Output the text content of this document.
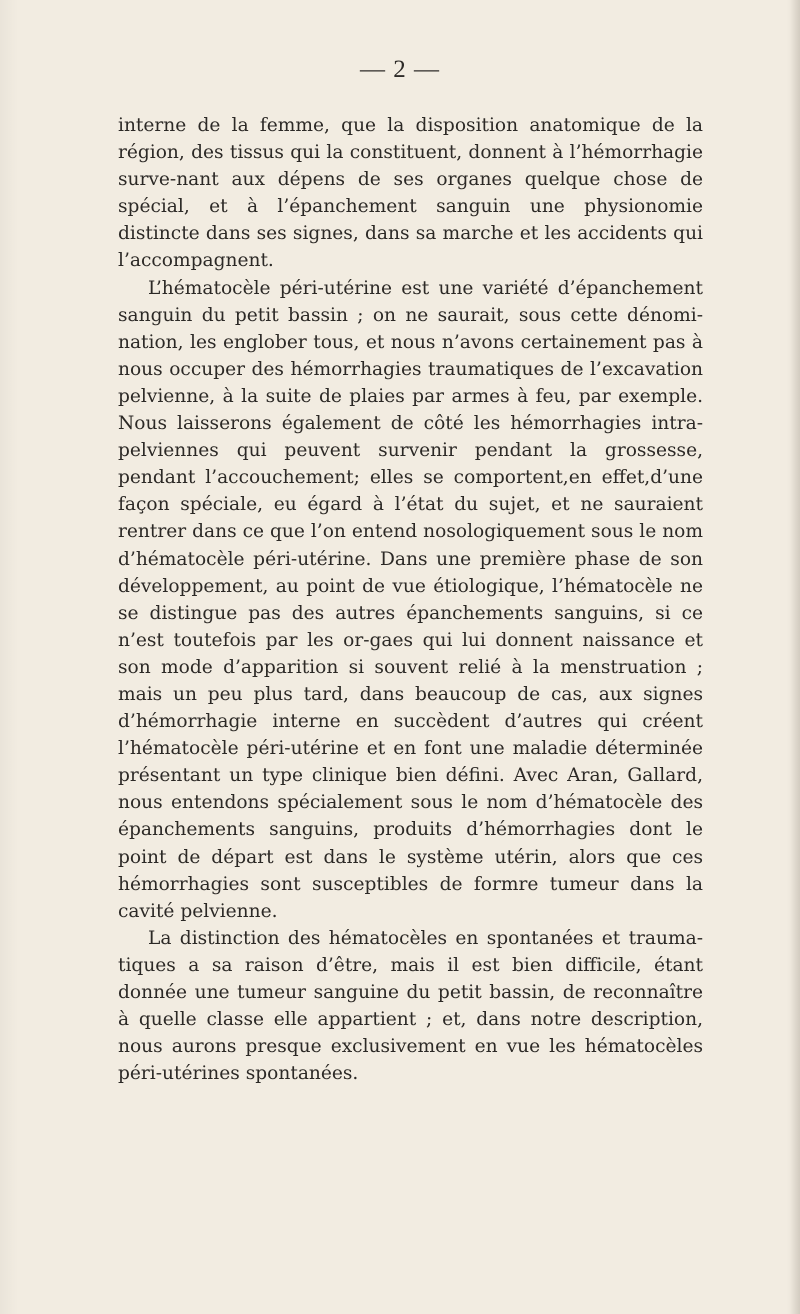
— 2 —

interne de la femme, que la disposition anatomique de la région, des tissus qui la constituent, donnent à l’hémorrhagie surve-nant aux dépens de ses organes quelque chose de spécial, et à l’épanchement sanguin une physionomie distincte dans ses signes, dans sa marche et les accidents qui l’accompagnent.

L’hématocèle péri-utérine est une variété d’épanchement sanguin du petit bassin ; on ne saurait, sous cette dénomi-nation, les englober tous, et nous n’avons certainement pas à nous occuper des hémorrhagies traumatiques de l’excavation pelvienne, à la suite de plaies par armes à feu, par exemple. Nous laisserons également de côté les hémorrhagies intra-pelviennes qui peuvent survenir pendant la grossesse, pendant l’accouchement; elles se comportent,en effet,d’une façon spéciale, eu égard à l’état du sujet, et ne sauraient rentrer dans ce que l’on entend nosologiquement sous le nom d’hématocèle péri-utérine. Dans une première phase de son développement, au point de vue étiologique, l’hématocèle ne se distingue pas des autres épanchements sanguins, si ce n’est toutefois par les or-gaes qui lui donnent naissance et son mode d’apparition si souvent relié à la menstruation ; mais un peu plus tard, dans beaucoup de cas, aux signes d’hémorrhagie interne en succèdent d’autres qui créent l’hématocèle péri-utérine et en font une maladie déterminée présentant un type clinique bien défini. Avec Aran, Gallard, nous entendons spécialement sous le nom d’hématocèle des épanchements sanguins, produits d’hémorrhagies dont le point de départ est dans le système utérin, alors que ces hémorrhagies sont susceptibles de formre tumeur dans la cavité pelvienne.

La distinction des hématocèles en spontanées et trauma-tiques a sa raison d’être, mais il est bien difficile, étant donnée une tumeur sanguine du petit bassin, de reconnaître à quelle classe elle appartient ; et, dans notre description, nous aurons presque exclusivement en vue les hématocèles péri-utérines spontanées.
